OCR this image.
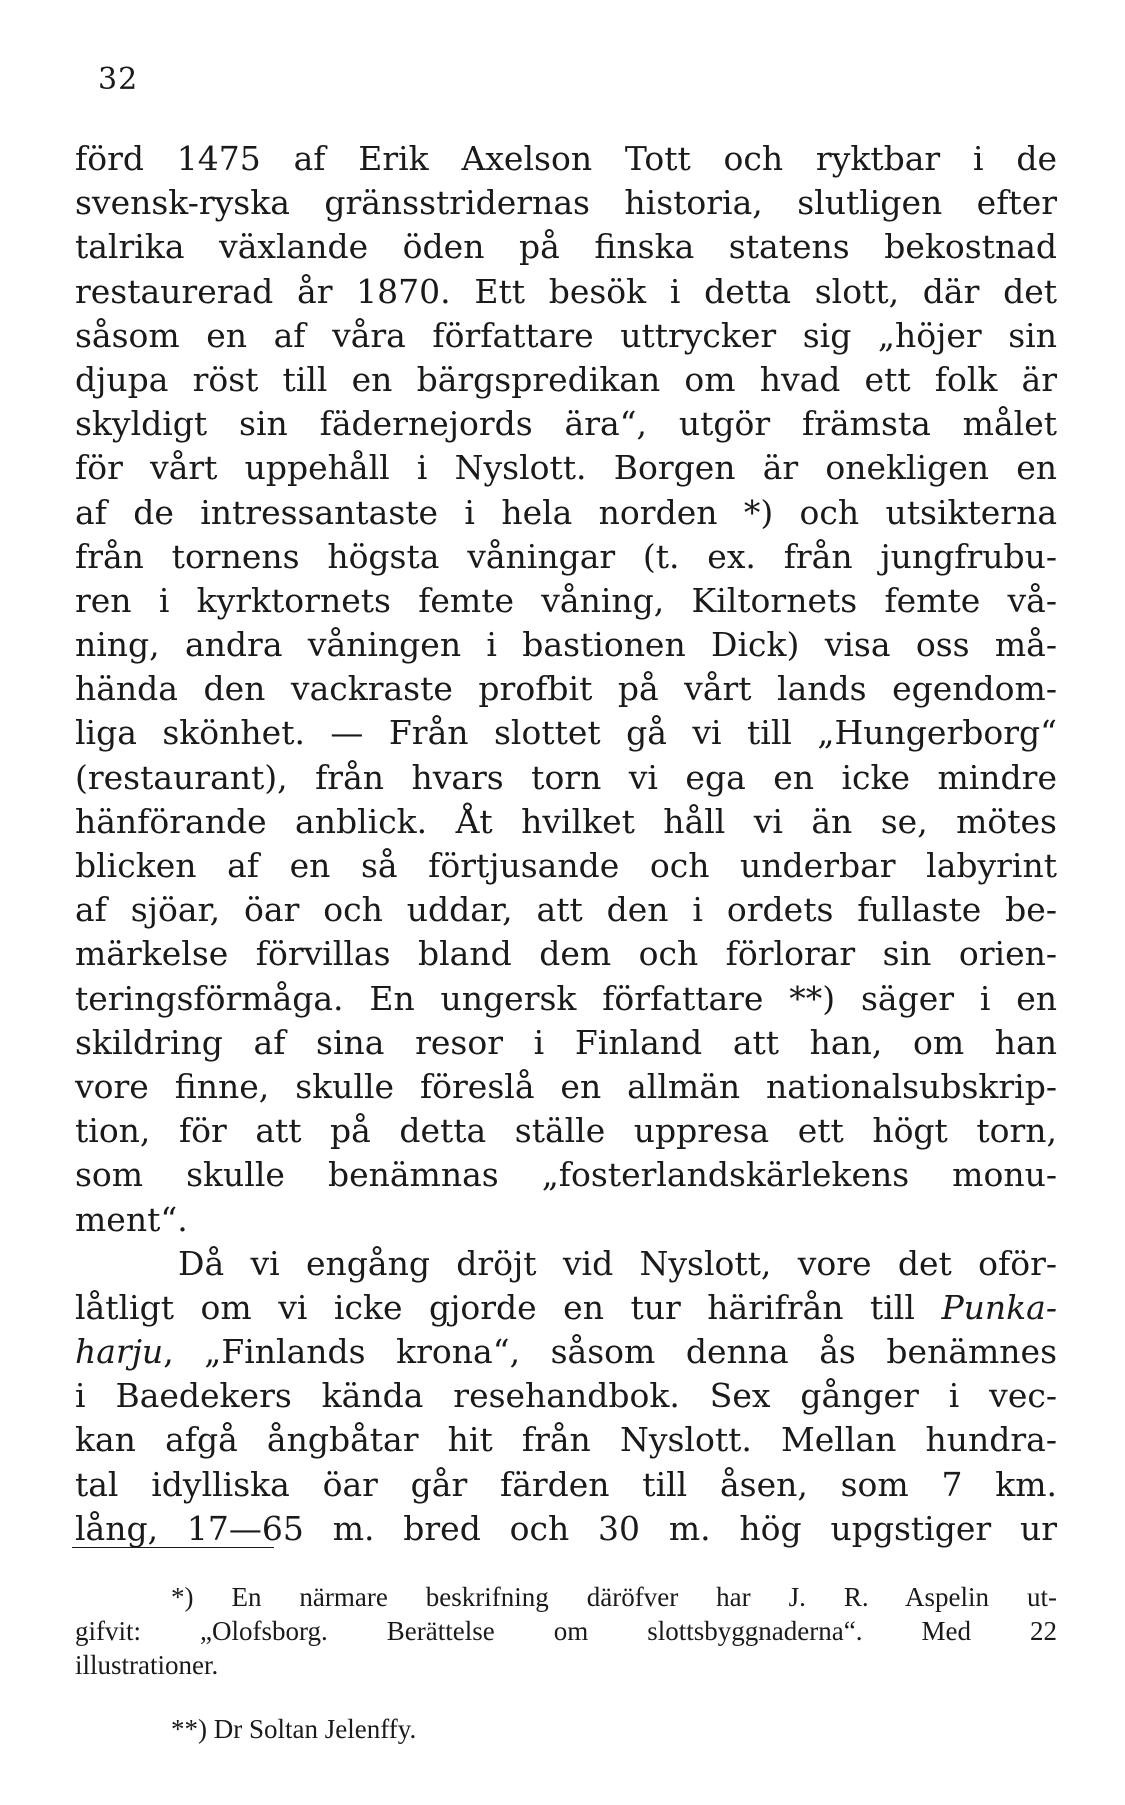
32
förd 1475 af Erik Axelson Tott och ryktbar i de
svensk-ryska gränsstridernas historia, slutligen efter
talrika växlande öden på finska statens bekostnad
restaurerad år 1870. Ett besök i detta slott, där det
såsom en af våra författare uttrycker sig „höjer sin
djupa röst till en bärgspredikan om hvad ett folk är
skyldigt sin fädernejords ära“, utgör främsta målet
för vårt uppehåll i Nyslott. Borgen är onekligen en
af de intressantaste i hela norden *) och utsikterna
från tornens högsta våningar (t. ex. från jungfrubu-
ren i kyrktornets femte våning, Kiltornets femte vå-
ning, andra våningen i bastionen Dick) visa oss må-
hända den vackraste profbit på vårt lands egendom-
liga skönhet. — Från slottet gå vi till „Hungerborg“
(restaurant), från hvars torn vi ega en icke mindre
hänförande anblick. Åt hvilket håll vi än se, mötes
blicken af en så förtjusande och underbar labyrint
af sjöar, öar och uddar, att den i ordets fullaste be-
märkelse förvillas bland dem och förlorar sin orien-
teringsförmåga. En ungersk författare **) säger i en
skildring af sina resor i Finland att han, om han
vore finne, skulle föreslå en allmän nationalsubskrip-
tion, för att på detta ställe uppresa ett högt torn,
som skulle benämnas „fosterlandskärlekens monu-
ment“.
Då vi engång dröjt vid Nyslott, vore det oför-
låtligt om vi icke gjorde en tur härifrån till Punka-
harju, „Finlands krona“, såsom denna ås benämnes
i Baedekers kända resehandbok. Sex gånger i vec-
kan afgå ångbåtar hit från Nyslott. Mellan hundra-
tal idylliska öar går färden till åsen, som 7 km.
lång, 17—65 m. bred och 30 m. hög upgstiger ur
*) En närmare beskrifning däröfver har J. R. Aspelin ut-
gifvit: „Olofsborg. Berättelse om slottsbyggnaderna“. Med 22
illustrationer.
**) Dr Soltan Jelenffy.
